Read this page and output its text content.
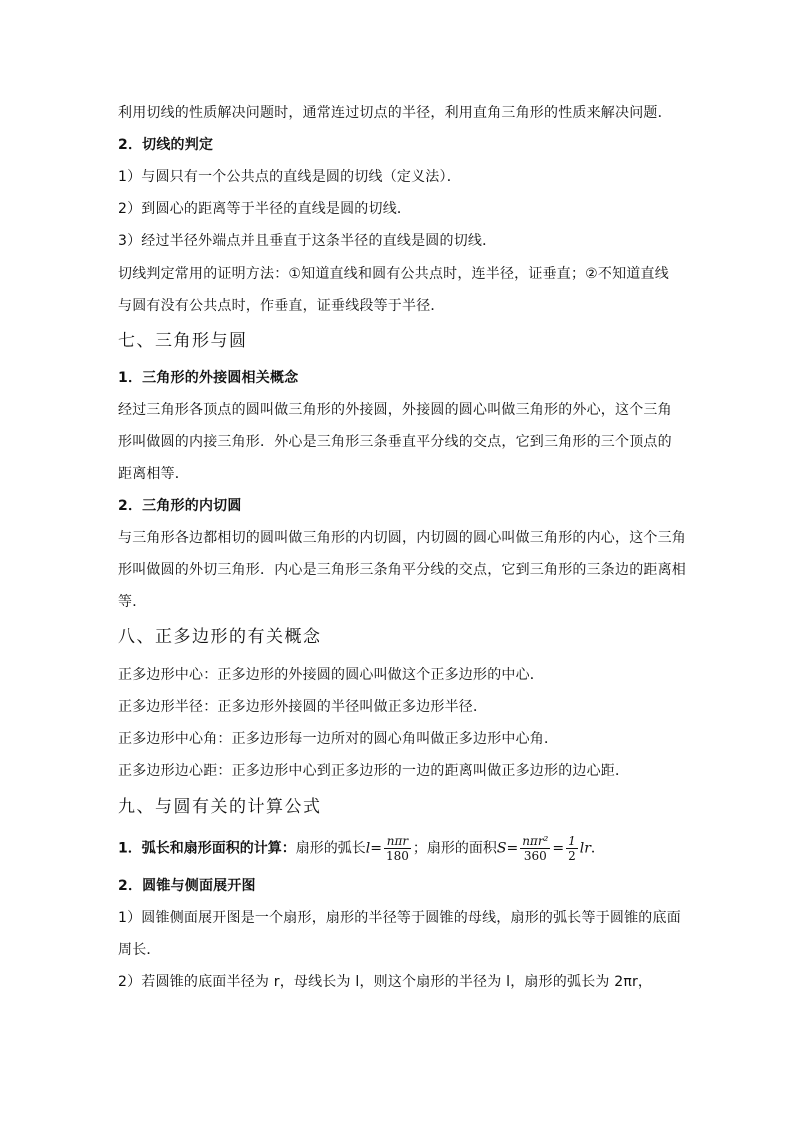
利用切线的性质解决问题时，通常连过切点的半径，利用直角三角形的性质来解决问题．
2．切线的判定
1）与圆只有一个公共点的直线是圆的切线（定义法）．
2）到圆心的距离等于半径的直线是圆的切线．
3）经过半径外端点并且垂直于这条半径的直线是圆的切线．
切线判定常用的证明方法：①知道直线和圆有公共点时，连半径，证垂直；②不知道直线
与圆有没有公共点时，作垂直，证垂线段等于半径．
七、三角形与圆
1．三角形的外接圆相关概念
经过三角形各顶点的圆叫做三角形的外接圆，外接圆的圆心叫做三角形的外心，这个三角
形叫做圆的内接三角形．外心是三角形三条垂直平分线的交点，它到三角形的三个顶点的
距离相等．
2．三角形的内切圆
与三角形各边都相切的圆叫做三角形的内切圆，内切圆的圆心叫做三角形的内心，这个三角
形叫做圆的外切三角形．内心是三角形三条角平分线的交点，它到三角形的三条边的距离相
等．
八、正多边形的有关概念
正多边形中心：正多边形的外接圆的圆心叫做这个正多边形的中心．
正多边形半径：正多边形外接圆的半径叫做正多边形半径．
正多边形中心角：正多边形每一边所对的圆心角叫做正多边形中心角．
正多边形边心距：正多边形中心到正多边形的一边的距离叫做正多边形的边心距．
九、与圆有关的计算公式
1．弧长和扇形面积的计算：扇形的弧长$l= \frac{\text{nπr}}{180}$ ；扇形的面积$S= \frac{\text{nπr²}}{360} = \frac{1}{2}$ lr．
2．圆锥与侧面展开图
1）圆锥侧面展开图是一个扇形，扇形的半径等于圆锥的母线，扇形的弧长等于圆锥的底面
周长．
2）若圆锥的底面半径为 r，母线长为 l，则这个扇形的半径为 l，扇形的弧长为 2πr，
